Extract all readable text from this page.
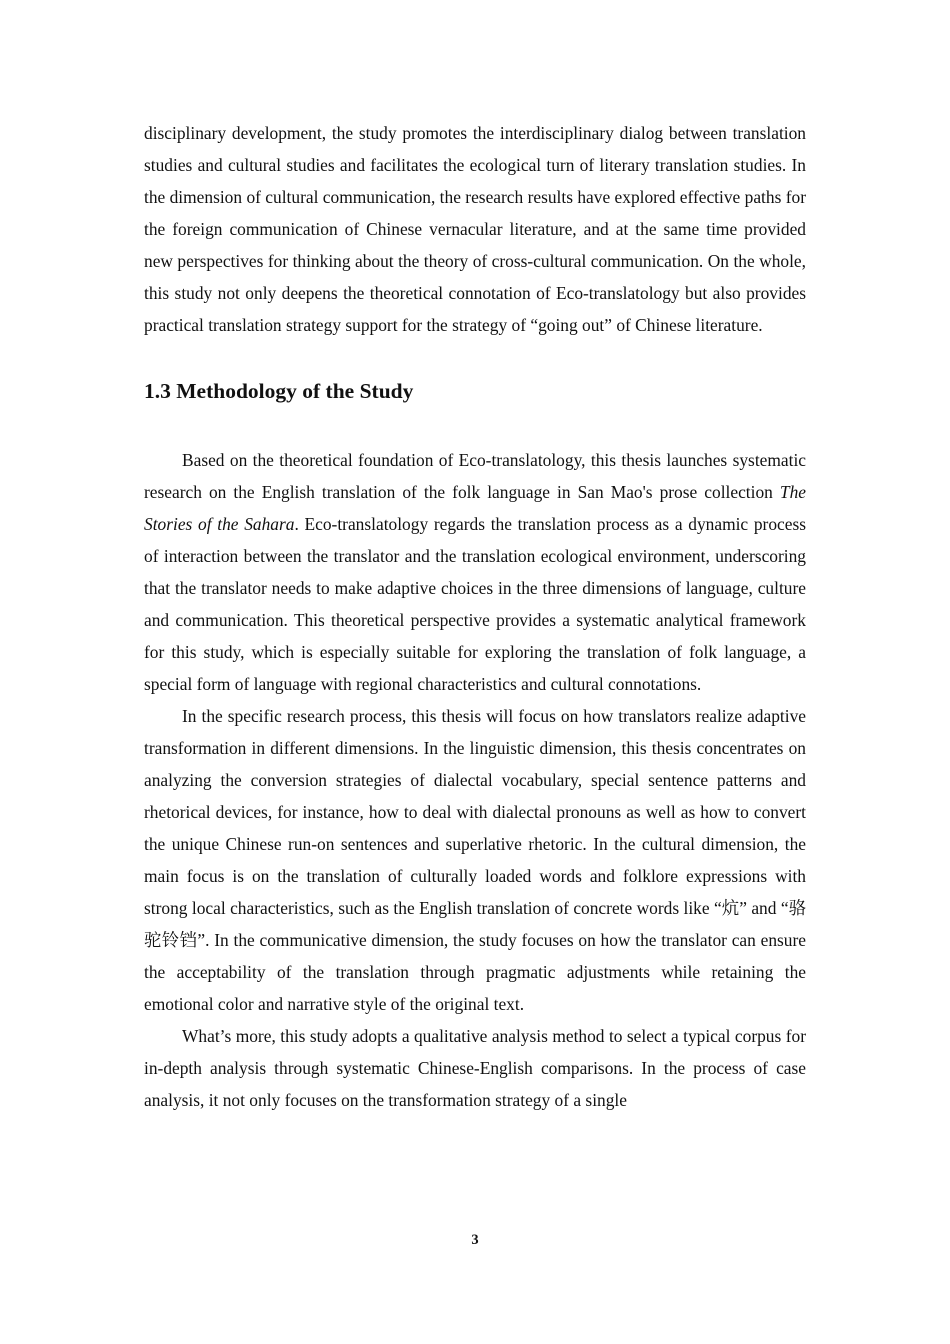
disciplinary development, the study promotes the interdisciplinary dialog between translation studies and cultural studies and facilitates the ecological turn of literary translation studies. In the dimension of cultural communication, the research results have explored effective paths for the foreign communication of Chinese vernacular literature, and at the same time provided new perspectives for thinking about the theory of cross-cultural communication. On the whole, this study not only deepens the theoretical connotation of Eco-translatology but also provides practical translation strategy support for the strategy of “going out” of Chinese literature.

1.3 Methodology of the Study

Based on the theoretical foundation of Eco-translatology, this thesis launches systematic research on the English translation of the folk language in San Mao's prose collection The Stories of the Sahara. Eco-translatology regards the translation process as a dynamic process of interaction between the translator and the translation ecological environment, underscoring that the translator needs to make adaptive choices in the three dimensions of language, culture and communication. This theoretical perspective provides a systematic analytical framework for this study, which is especially suitable for exploring the translation of folk language, a special form of language with regional characteristics and cultural connotations.

In the specific research process, this thesis will focus on how translators realize adaptive transformation in different dimensions. In the linguistic dimension, this thesis concentrates on analyzing the conversion strategies of dialectal vocabulary, special sentence patterns and rhetorical devices, for instance, how to deal with dialectal pronouns as well as how to convert the unique Chinese run-on sentences and superlative rhetoric. In the cultural dimension, the main focus is on the translation of culturally loaded words and folklore expressions with strong local characteristics, such as the English translation of concrete words like “炕” and “骆驼铃铛”. In the communicative dimension, the study focuses on how the translator can ensure the acceptability of the translation through pragmatic adjustments while retaining the emotional color and narrative style of the original text.

What’s more, this study adopts a qualitative analysis method to select a typical corpus for in-depth analysis through systematic Chinese-English comparisons. In the process of case analysis, it not only focuses on the transformation strategy of a single

3
